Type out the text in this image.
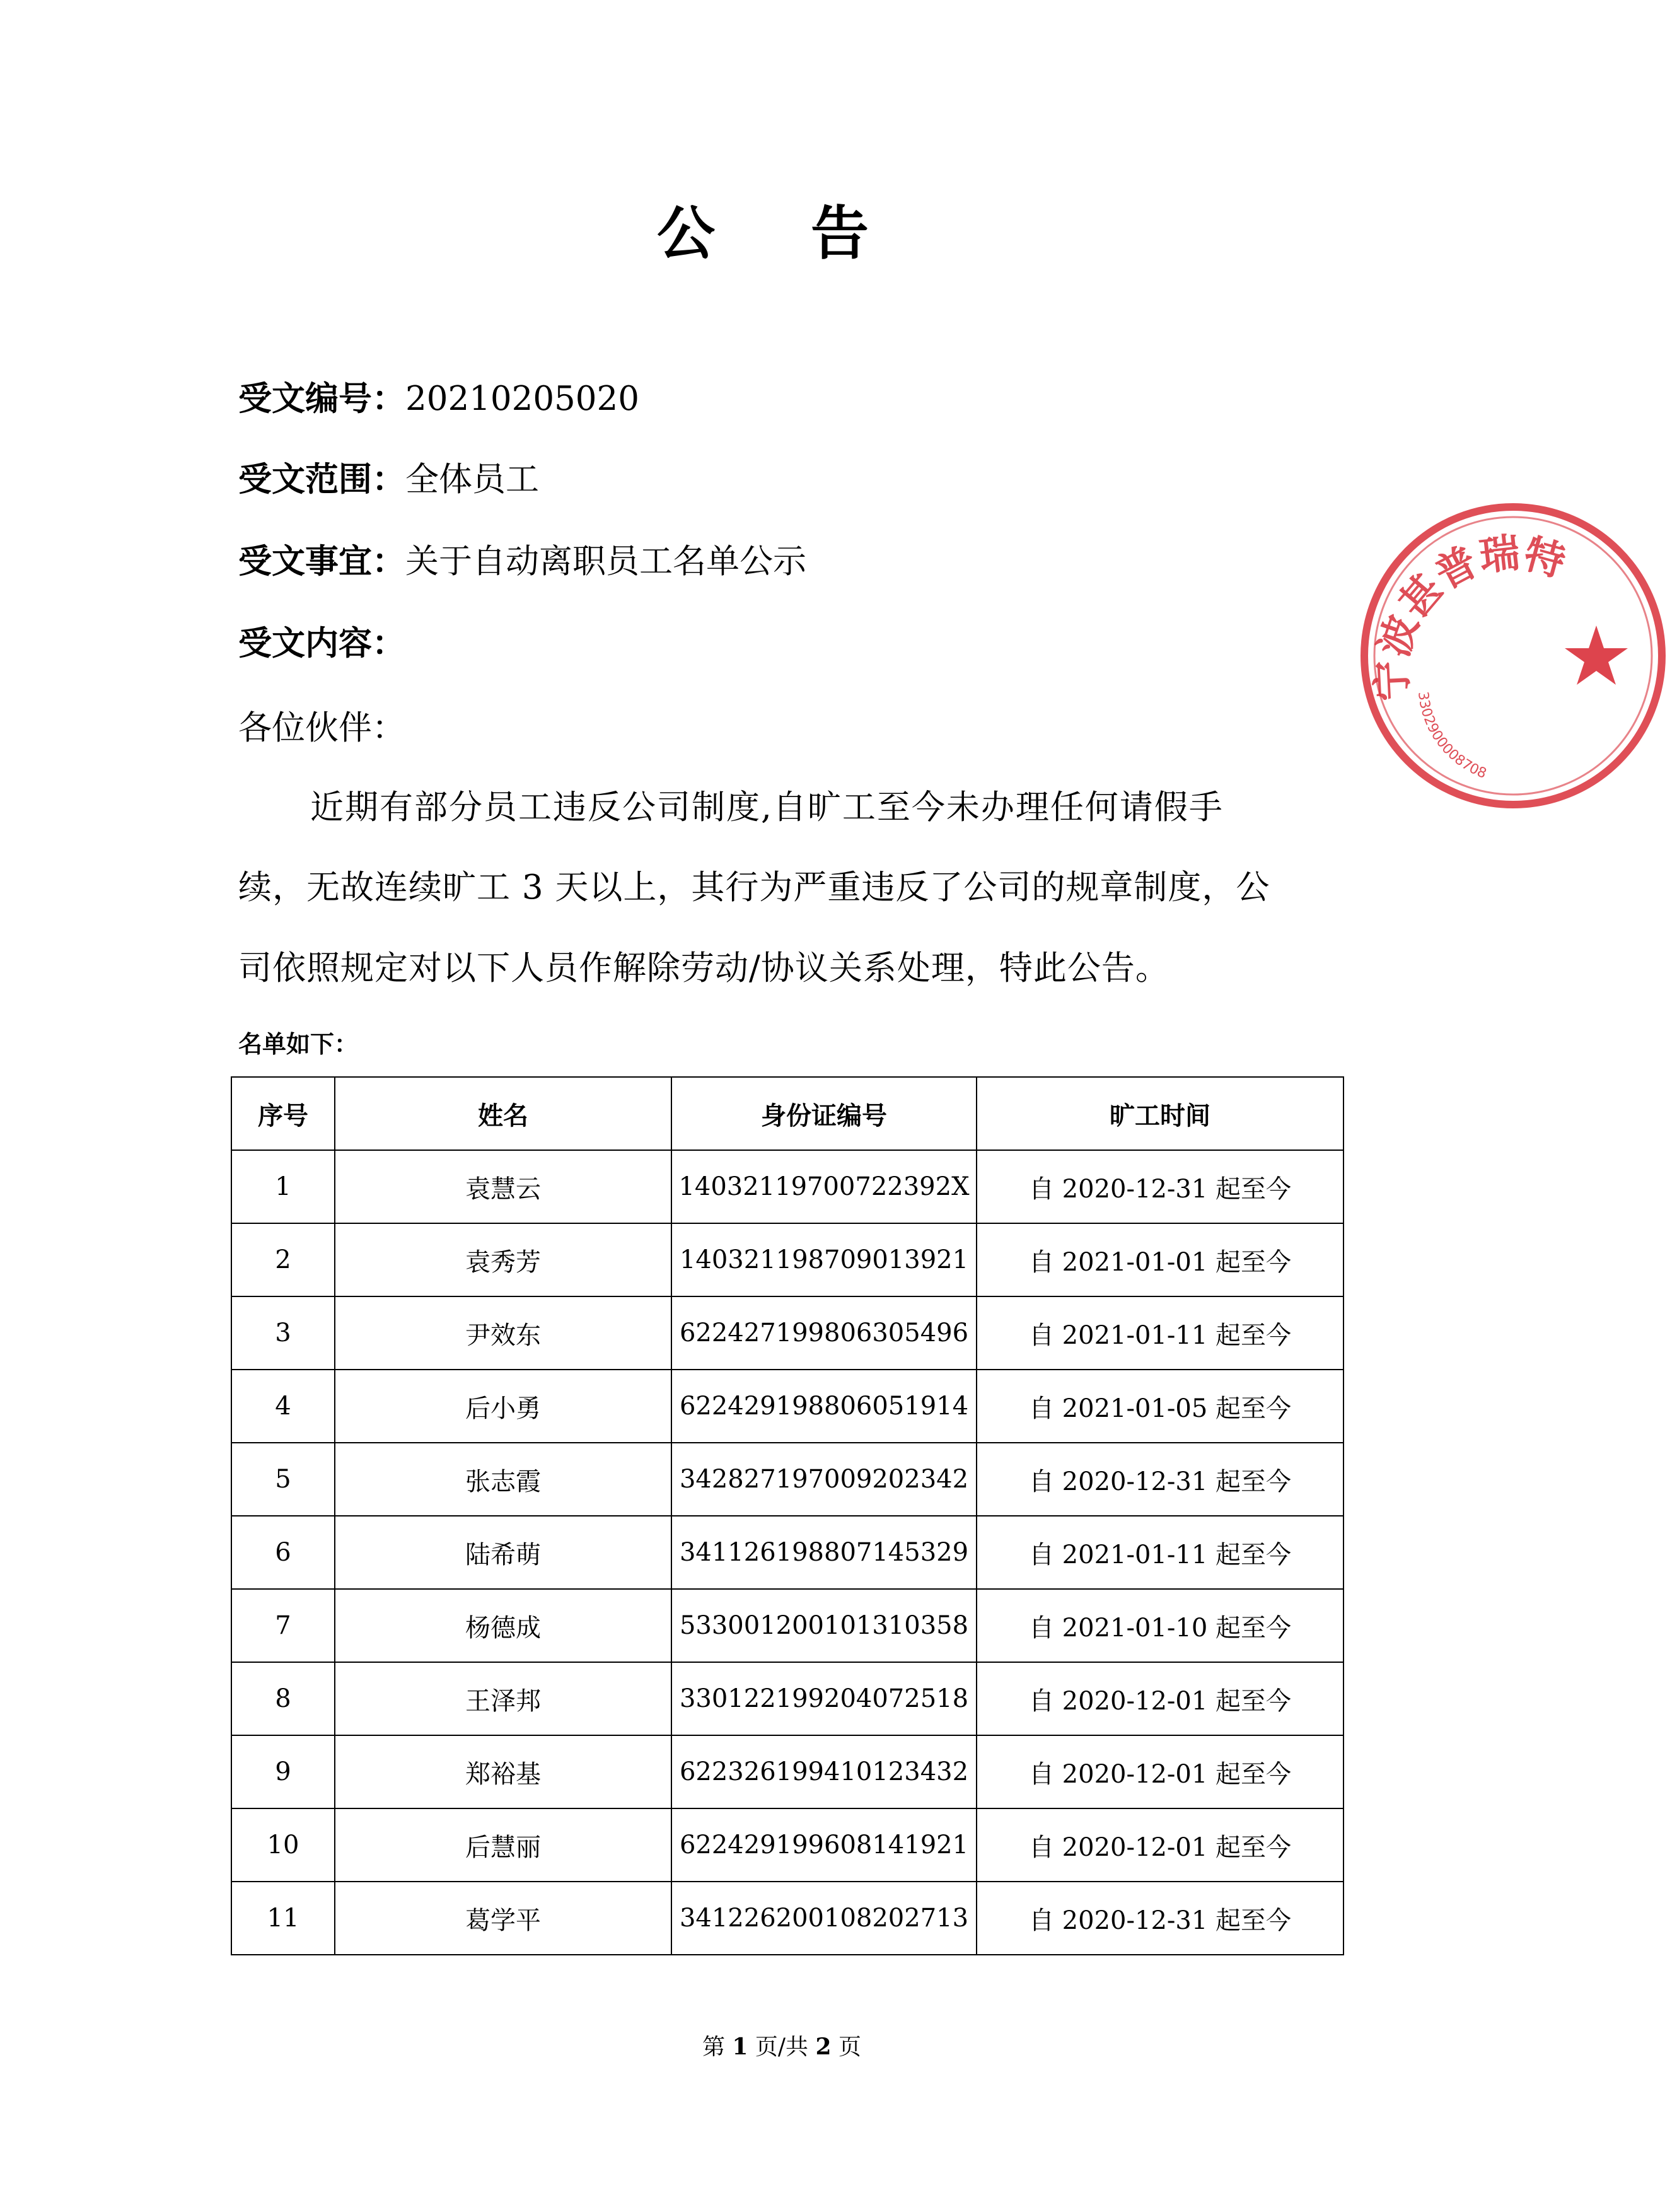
公 告
受文编号：20210205020
受文范围：全体员工
受文事宜：关于自动离职员工名单公示
受文内容：
各位伙伴：
近期有部分员工违反公司制度,自旷工至今未办理任何请假手
续，无故连续旷工 3 天以上，其行为严重违反了公司的规章制度，公
司依照规定对以下人员作解除劳动/协议关系处理，特此公告。
名单如下：
序号	姓名	身份证编号	旷工时间
1	袁慧云	14032119700722392X	自 2020-12-31 起至今
2	袁秀芳	140321198709013921	自 2021-01-01 起至今
3	尹效东	622427199806305496	自 2021-01-11 起至今
4	后小勇	622429198806051914	自 2021-01-05 起至今
5	张志霞	342827197009202342	自 2020-12-31 起至今
6	陆希萌	341126198807145329	自 2021-01-11 起至今
7	杨德成	533001200101310358	自 2021-01-10 起至今
8	王泽邦	330122199204072518	自 2020-12-01 起至今
9	郑裕基	622326199410123432	自 2020-12-01 起至今
10	后慧丽	622429199608141921	自 2020-12-01 起至今
11	葛学平	341226200108202713	自 2020-12-31 起至今
第 1 页/共 2 页
宁波甚普瑞特
3302900008708
